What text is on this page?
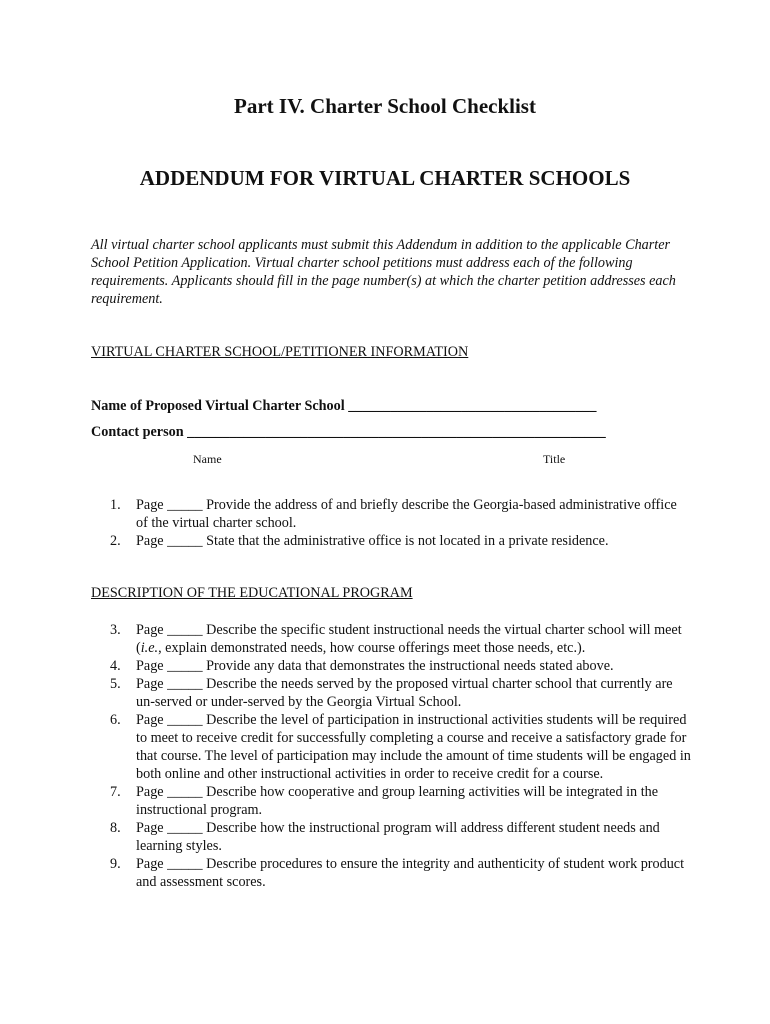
Part IV. Charter School Checklist
ADDENDUM FOR VIRTUAL CHARTER SCHOOLS
All virtual charter school applicants must submit this Addendum in addition to the applicable Charter School Petition Application. Virtual charter school petitions must address each of the following requirements. Applicants should fill in the page number(s) at which the charter petition addresses each requirement.
VIRTUAL CHARTER SCHOOL/PETITIONER INFORMATION
Name of Proposed Virtual Charter School ___________________________________
Contact person ___________________________________________________________
Name	Title
1. Page _____ Provide the address of and briefly describe the Georgia-based administrative office of the virtual charter school.
2. Page _____ State that the administrative office is not located in a private residence.
DESCRIPTION OF THE EDUCATIONAL PROGRAM
3. Page _____ Describe the specific student instructional needs the virtual charter school will meet (i.e., explain demonstrated needs, how course offerings meet those needs, etc.).
4. Page _____ Provide any data that demonstrates the instructional needs stated above.
5. Page _____ Describe the needs served by the proposed virtual charter school that currently are un-served or under-served by the Georgia Virtual School.
6. Page _____ Describe the level of participation in instructional activities students will be required to meet to receive credit for successfully completing a course and receive a satisfactory grade for that course. The level of participation may include the amount of time students will be engaged in both online and other instructional activities in order to receive credit for a course.
7. Page _____ Describe how cooperative and group learning activities will be integrated in the instructional program.
8. Page _____ Describe how the instructional program will address different student needs and learning styles.
9. Page _____ Describe procedures to ensure the integrity and authenticity of student work product and assessment scores.
